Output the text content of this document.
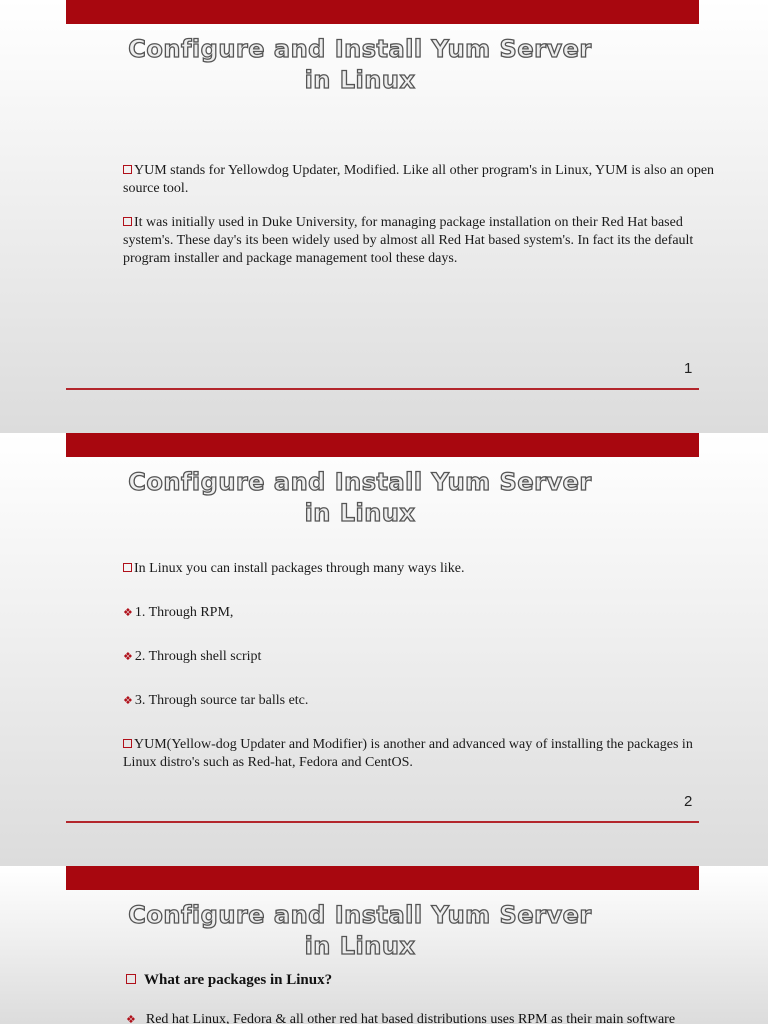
Configure and Install Yum Server
in Linux

YUM stands for Yellowdog Updater, Modified. Like all other program's in Linux, YUM is also an open source tool.

It was initially used in Duke University, for managing package installation on their Red Hat based system's. These day's its been widely used by almost all Red Hat based system's. In fact its the default program installer and package management tool these days.

1
Configure and Install Yum Server
in Linux

In Linux you can install packages through many ways like.

❖ 1. Through RPM,

❖ 2. Through shell script

❖ 3. Through source tar balls etc.

YUM(Yellow-dog Updater and Modifier) is another and advanced way of installing the packages in Linux distro's such as Red-hat, Fedora and CentOS.

2
Configure and Install Yum Server
in Linux
What are packages in Linux?
❖ Red hat Linux, Fedora & all other red hat based distributions uses RPM as their main software
